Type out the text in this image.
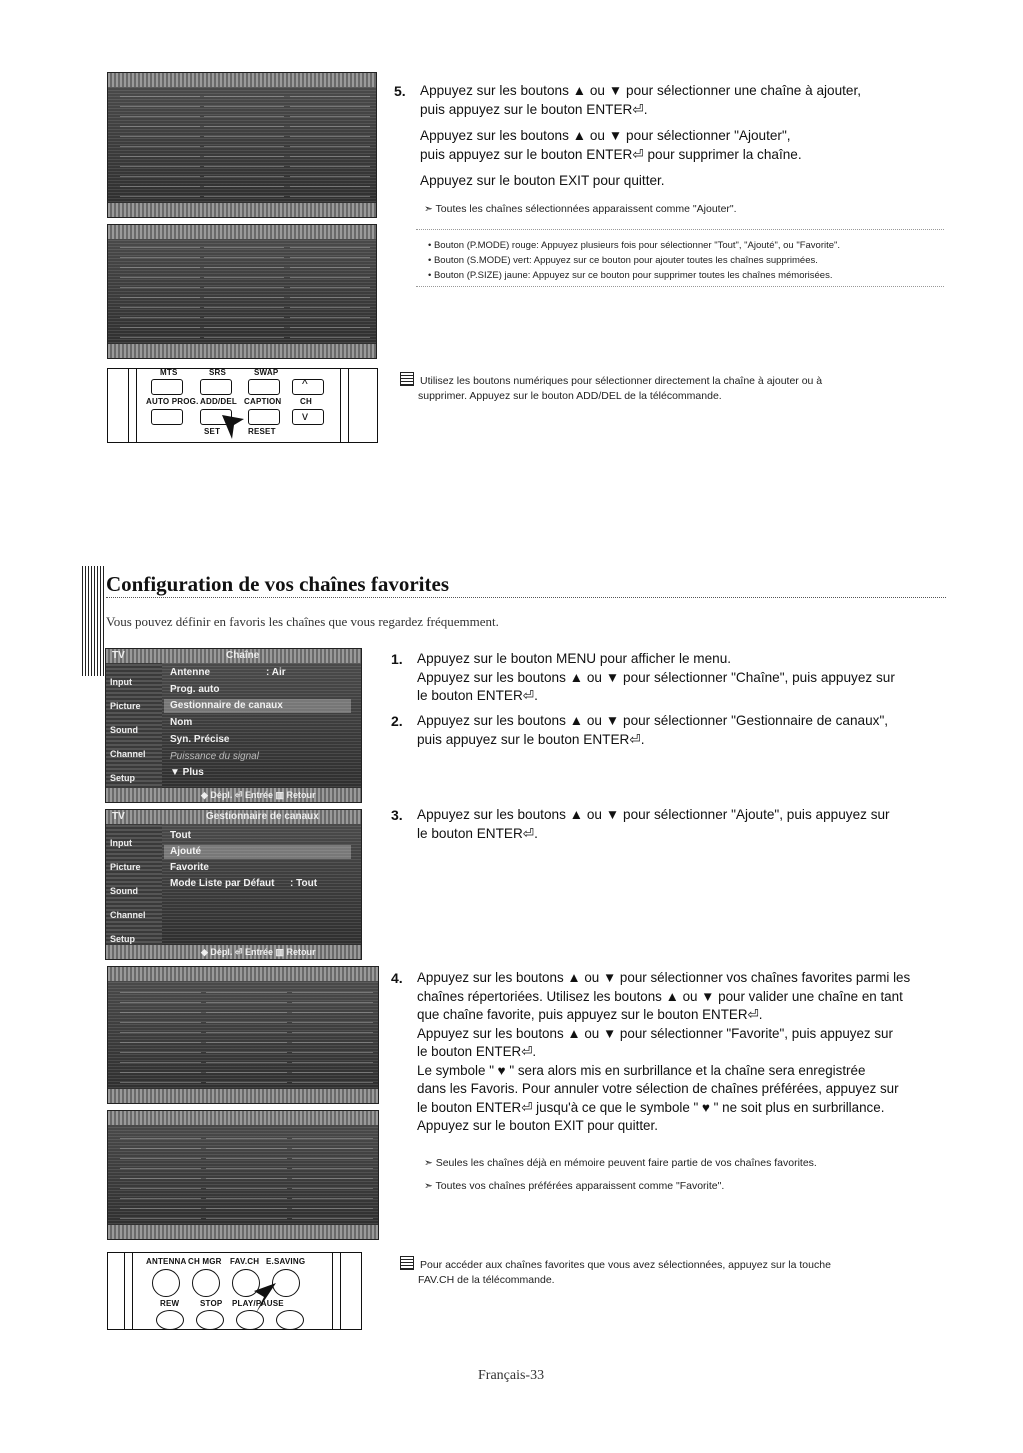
MTS	SRS	SWAP
^
AUTO PROG. ADD/DEL CAPTION CH
v
SET	RESET
5. Appuyez sur les boutons ▲ ou ▼ pour sélectionner une chaîne à ajouter,
puis appuyez sur le bouton ENTER⏎.
Appuyez sur les boutons ▲ ou ▼ pour sélectionner "Ajouter",
puis appuyez sur le bouton ENTER⏎ pour supprimer la chaîne.
Appuyez sur le bouton EXIT pour quitter.
➣ Toutes les chaînes sélectionnées apparaissent comme "Ajouter".
• Bouton (P.MODE) rouge: Appuyez plusieurs fois pour sélectionner "Tout", "Ajouté", ou "Favorite".
• Bouton (S.MODE) vert: Appuyez sur ce bouton pour ajouter toutes les chaînes supprimées.
• Bouton (P.SIZE) jaune: Appuyez sur ce bouton pour supprimer toutes les chaînes mémorisées.
Utilisez les boutons numériques pour sélectionner directement la chaîne à ajouter ou à
supprimer. Appuyez sur le bouton ADD/DEL de la télécommande.
Configuration de vos chaînes favorites
Vous pouvez définir en favoris les chaînes que vous regardez fréquemment.
TV	Chaîne
Input
Picture
Sound
Channel
Setup
Antenne	: Air
Prog. auto
Gestionnaire de canaux
Nom
Syn. Précise
Puissance du signal
▼ Plus
◆ Dépl. ⏎ Entrée ▥ Retour
TV	Gestionnaire de canaux
Input
Picture
Sound
Channel
Setup
Tout
Ajouté
Favorite
Mode Liste par Défaut : Tout
◆ Dépl. ⏎ Entrée ▥ Retour
ANTENNA CH MGR FAV.CH E.SAVING
REW	STOP PLAY/PAUSE
1. Appuyez sur le bouton MENU pour afficher le menu.
Appuyez sur les boutons ▲ ou ▼ pour sélectionner "Chaîne", puis appuyez sur
le bouton ENTER⏎.
2. Appuyez sur les boutons ▲ ou ▼ pour sélectionner "Gestionnaire de canaux",
puis appuyez sur le bouton ENTER⏎.
3. Appuyez sur les boutons ▲ ou ▼ pour sélectionner "Ajoute", puis appuyez sur
le bouton ENTER⏎.
4. Appuyez sur les boutons ▲ ou ▼ pour sélectionner vos chaînes favorites parmi les
chaînes répertoriées. Utilisez les boutons ▲ ou ▼ pour valider une chaîne en tant
que chaîne favorite, puis appuyez sur le bouton ENTER⏎.
Appuyez sur les boutons ▲ ou ▼ pour sélectionner "Favorite", puis appuyez sur
le bouton ENTER⏎.
Le symbole " ♥ " sera alors mis en surbrillance et la chaîne sera enregistrée
dans les Favoris. Pour annuler votre sélection de chaînes préférées, appuyez sur
le bouton ENTER⏎ jusqu'à ce que le symbole " ♥ " ne soit plus en surbrillance.
Appuyez sur le bouton EXIT pour quitter.
➣ Seules les chaînes déjà en mémoire peuvent faire partie de vos chaînes favorites.
➣ Toutes vos chaînes préférées apparaissent comme "Favorite".
Pour accéder aux chaînes favorites que vous avez sélectionnées, appuyez sur la touche
FAV.CH de la télécommande.
Français-33
